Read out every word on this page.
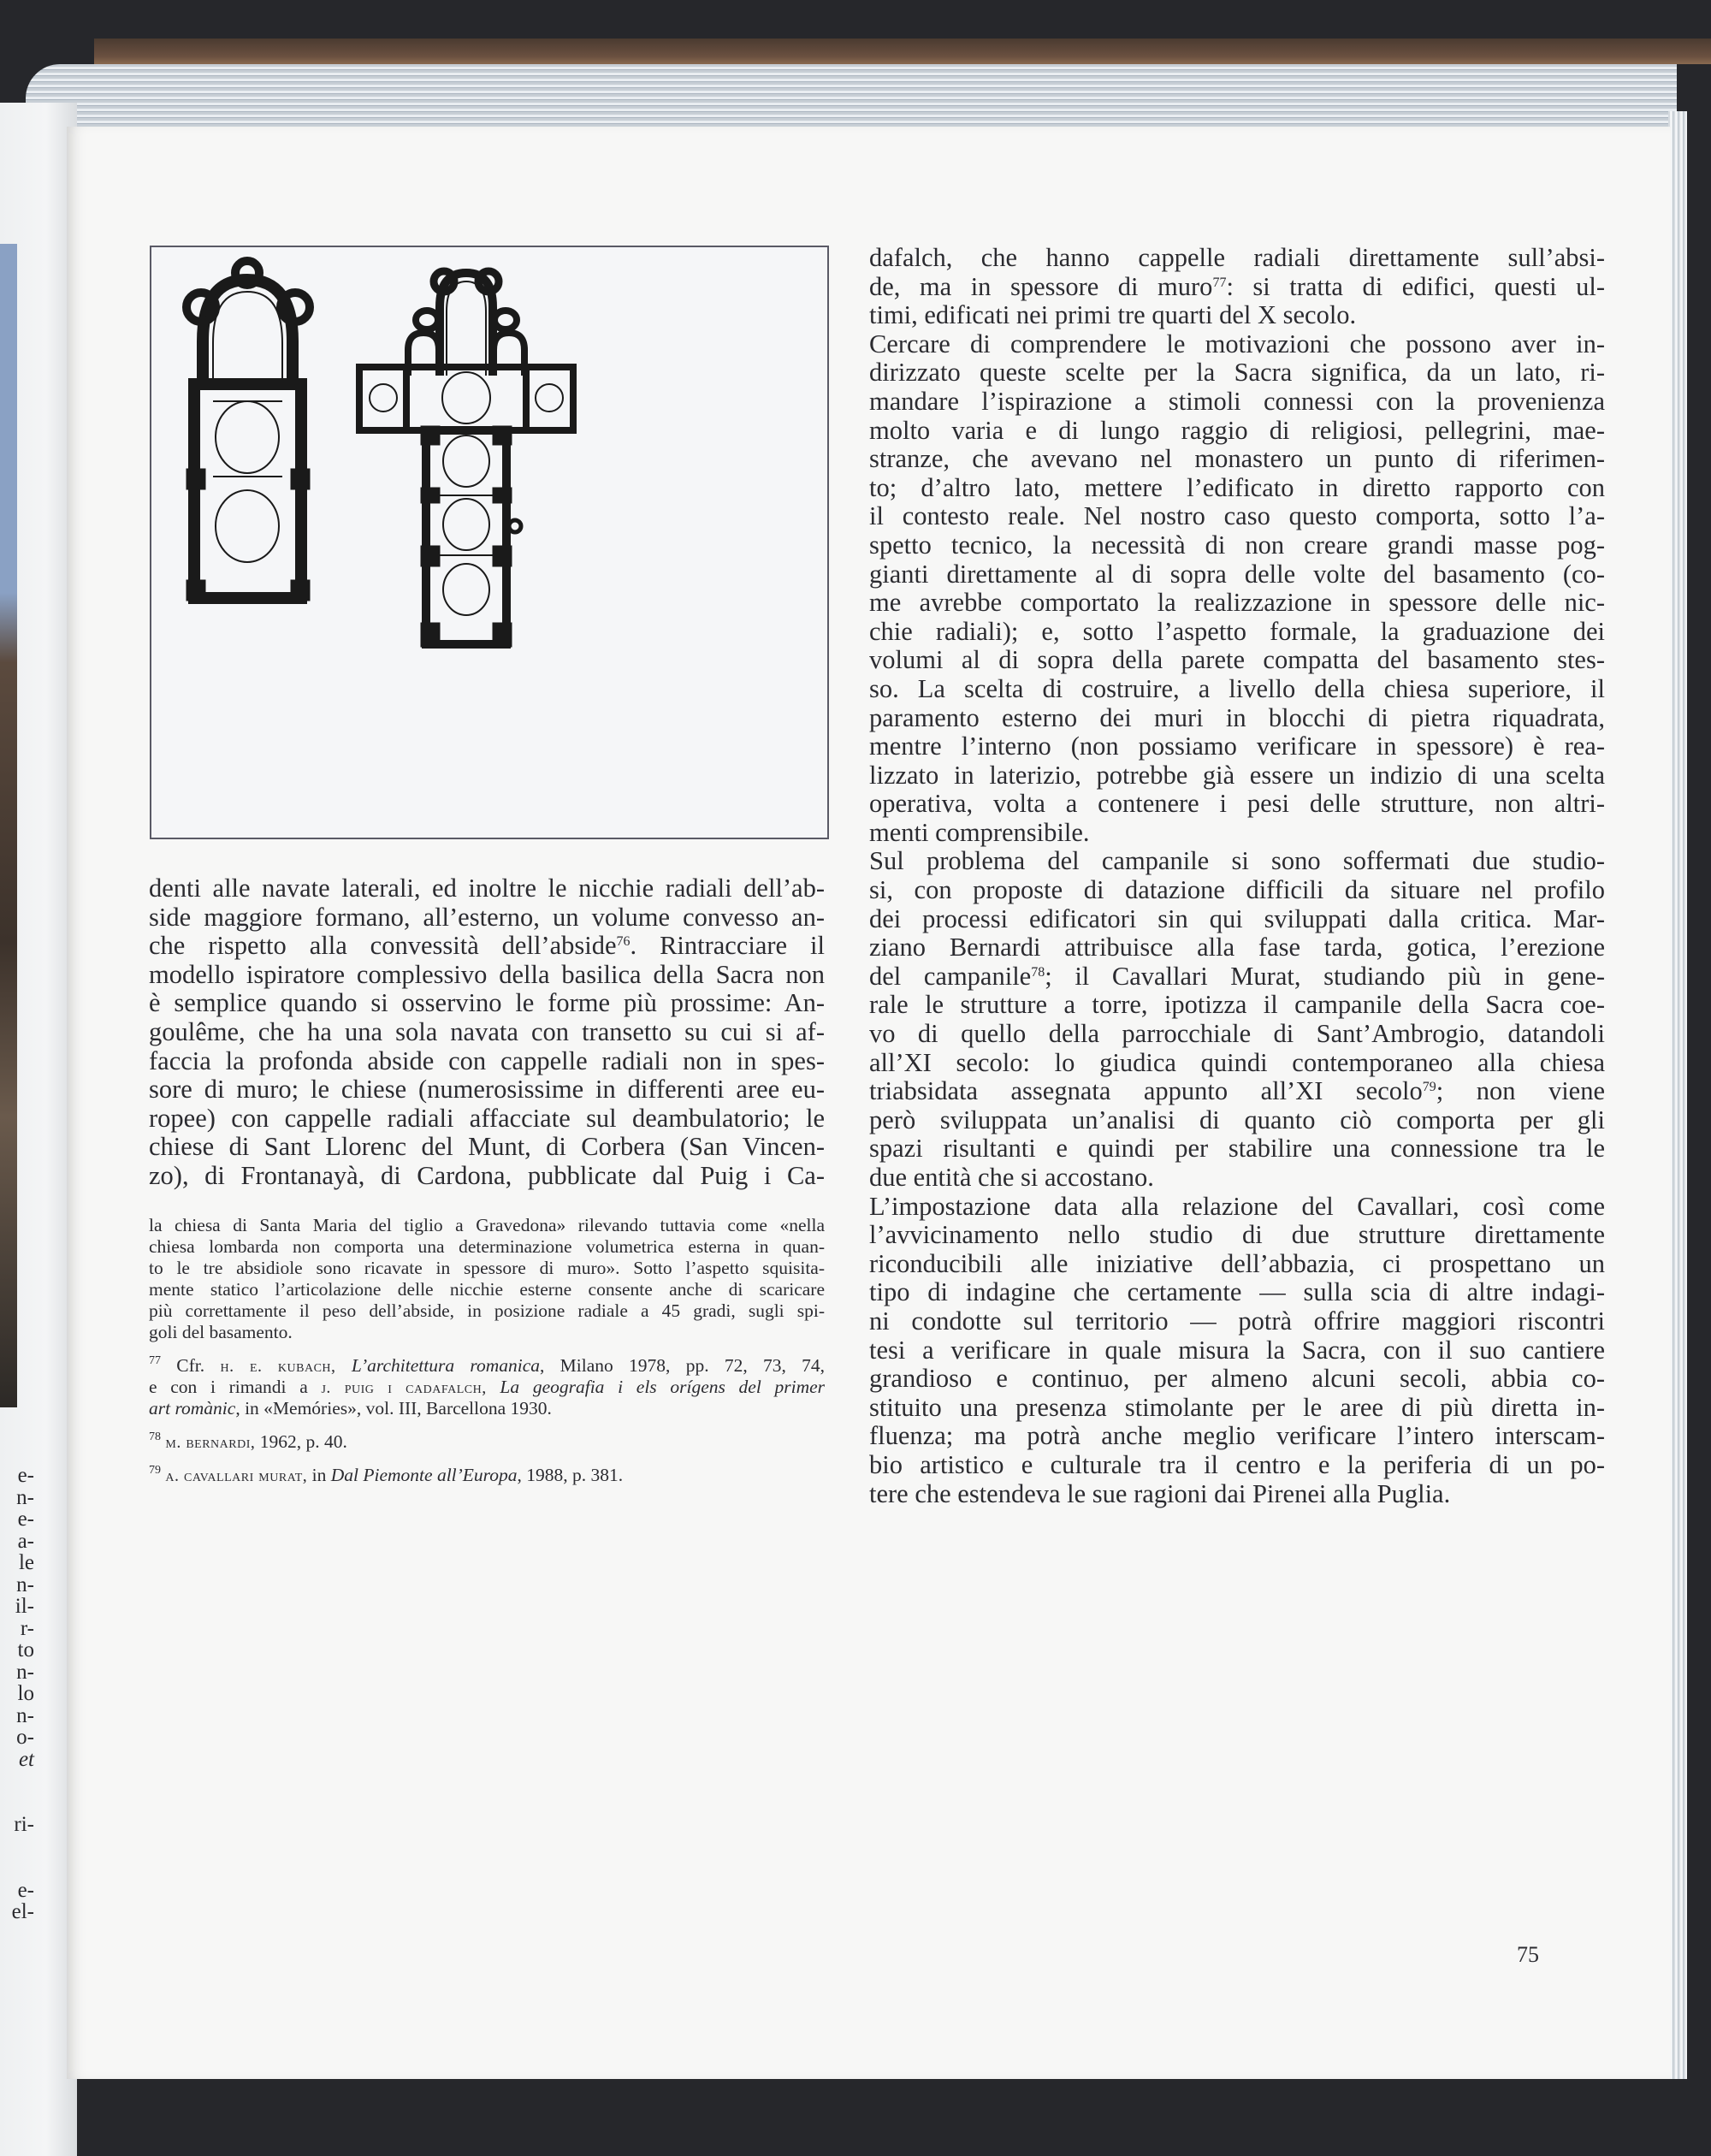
e-
n-
e-
a-
le
n-
il-
r-
to
n-
lo
n-
o-
et
ri-
e-
el-
denti alle navate laterali, ed inoltre le nicchie radiali dell’ab-
side maggiore formano, all’esterno, un volume convesso an-
che rispetto alla convessità dell’abside$^{76}$. Rintracciare il
modello ispiratore complessivo della basilica della Sacra non
è semplice quando si osservino le forme più prossime: An-
goulême, che ha una sola navata con transetto su cui si af-
faccia la profonda abside con cappelle radiali non in spes-
sore di muro; le chiese (numerosissime in differenti aree eu-
ropee) con cappelle radiali affacciate sul deambulatorio; le
chiese di Sant Llorenc del Munt, di Corbera (San Vincen-
zo), di Frontanayà, di Cardona, pubblicate dal Puig i Ca-
la chiesa di Santa Maria del tiglio a Gravedona» rilevando tuttavia come «nella
chiesa lombarda non comporta una determinazione volumetrica esterna in quan-
to le tre absidiole sono ricavate in spessore di muro». Sotto l’aspetto squisita-
mente statico l’articolazione delle nicchie esterne consente anche di scaricare
più correttamente il peso dell’abside, in posizione radiale a 45 gradi, sugli spi-
goli del basamento.
$^{77}$ Cfr. h. e. kubach, L’architettura romanica, Milano 1978, pp. 72, 73, 74,
e con i rimandi a j. puig i cadafalch, La geografia i els orígens del primer
art romànic, in «Memóries», vol. III, Barcellona 1930.
$^{78}$ m. bernardi, 1962, p. 40.
$^{79}$ a. cavallari murat, in Dal Piemonte all’Europa, 1988, p. 381.
dafalch, che hanno cappelle radiali direttamente sull’absi-
de, ma in spessore di muro$^{77}$: si tratta di edifici, questi ul-
timi, edificati nei primi tre quarti del X secolo.
Cercare di comprendere le motivazioni che possono aver in-
dirizzato queste scelte per la Sacra significa, da un lato, ri-
mandare l’ispirazione a stimoli connessi con la provenienza
molto varia e di lungo raggio di religiosi, pellegrini, mae-
stranze, che avevano nel monastero un punto di riferimen-
to; d’altro lato, mettere l’edificato in diretto rapporto con
il contesto reale. Nel nostro caso questo comporta, sotto l’a-
spetto tecnico, la necessità di non creare grandi masse pog-
gianti direttamente al di sopra delle volte del basamento (co-
me avrebbe comportato la realizzazione in spessore delle nic-
chie radiali); e, sotto l’aspetto formale, la graduazione dei
volumi al di sopra della parete compatta del basamento stes-
so. La scelta di costruire, a livello della chiesa superiore, il
paramento esterno dei muri in blocchi di pietra riquadrata,
mentre l’interno (non possiamo verificare in spessore) è rea-
lizzato in laterizio, potrebbe già essere un indizio di una scelta
operativa, volta a contenere i pesi delle strutture, non altri-
menti comprensibile.
Sul problema del campanile si sono soffermati due studio-
si, con proposte di datazione difficili da situare nel profilo
dei processi edificatori sin qui sviluppati dalla critica. Mar-
ziano Bernardi attribuisce alla fase tarda, gotica, l’erezione
del campanile$^{78}$; il Cavallari Murat, studiando più in gene-
rale le strutture a torre, ipotizza il campanile della Sacra coe-
vo di quello della parrocchiale di Sant’Ambrogio, datandoli
all’XI secolo: lo giudica quindi contemporaneo alla chiesa
triabsidata assegnata appunto all’XI secolo$^{79}$; non viene
però sviluppata un’analisi di quanto ciò comporta per gli
spazi risultanti e quindi per stabilire una connessione tra le
due entità che si accostano.
L’impostazione data alla relazione del Cavallari, così come
l’avvicinamento nello studio di due strutture direttamente
riconducibili alle iniziative dell’abbazia, ci prospettano un
tipo di indagine che certamente — sulla scia di altre indagi-
ni condotte sul territorio — potrà offrire maggiori riscontri
tesi a verificare in quale misura la Sacra, con il suo cantiere
grandioso e continuo, per almeno alcuni secoli, abbia co-
stituito una presenza stimolante per le aree di più diretta in-
fluenza; ma potrà anche meglio verificare l’intero interscam-
bio artistico e culturale tra il centro e la periferia di un po-
tere che estendeva le sue ragioni dai Pirenei alla Puglia.
75
